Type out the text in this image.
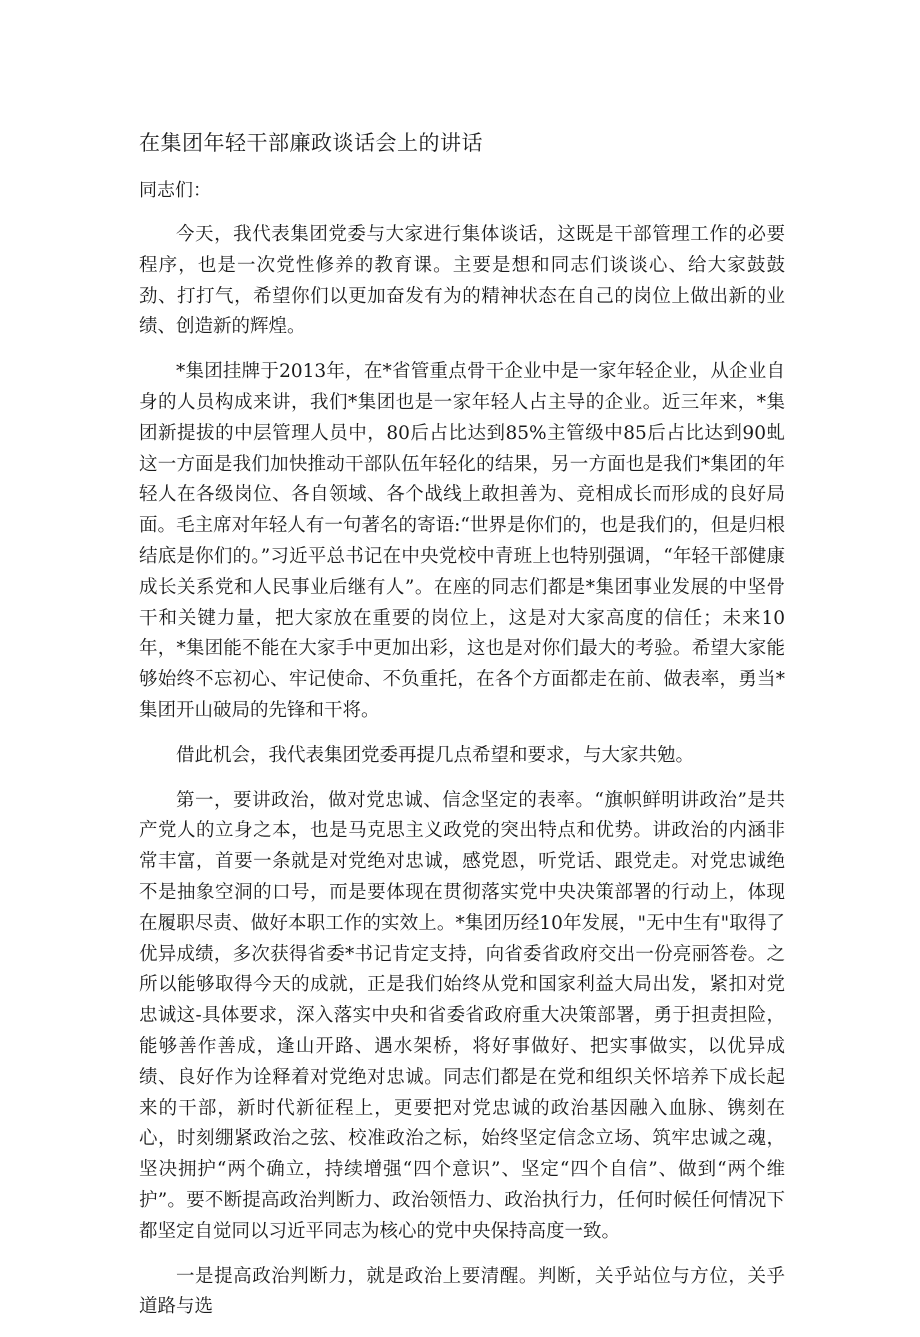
在集团年轻干部廉政谈话会上的讲话

同志们：

今天，我代表集团党委与大家进行集体谈话，这既是干部管理工作的必要程序，也是一次党性修养的教育课。主要是想和同志们谈谈心、给大家鼓鼓劲、打打气，希望你们以更加奋发有为的精神状态在自己的岗位上做出新的业绩、创造新的辉煌。

*集团挂牌于2013年，在*省管重点骨干企业中是一家年轻企业，从企业自身的人员构成来讲，我们*集团也是一家年轻人占主导的企业。近三年来，*集团新提拔的中层管理人员中，80后占比达到85%主管级中85后占比达到90虬这一方面是我们加快推动干部队伍年轻化的结果，另一方面也是我们*集团的年轻人在各级岗位、各自领域、各个战线上敢担善为、竞相成长而形成的良好局面。毛主席对年轻人有一句著名的寄语:“世界是你们的，也是我们的，但是归根结底是你们的。”习近平总书记在中央党校中青班上也特别强调，“年轻干部健康成长关系党和人民事业后继有人”。在座的同志们都是*集团事业发展的中坚骨干和关键力量，把大家放在重要的岗位上，这是对大家高度的信任；未来10年，*集团能不能在大家手中更加出彩，这也是对你们最大的考验。希望大家能够始终不忘初心、牢记使命、不负重托，在各个方面都走在前、做表率，勇当*集团开山破局的先锋和干将。

借此机会，我代表集团党委再提几点希望和要求，与大家共勉。

第一，要讲政治，做对党忠诚、信念坚定的表率。“旗帜鲜明讲政治”是共产党人的立身之本，也是马克思主义政党的突出特点和优势。讲政治的内涵非常丰富，首要一条就是对党绝对忠诚，感党恩，听党话、跟党走。对党忠诚绝不是抽象空洞的口号，而是要体现在贯彻落实党中央决策部署的行动上，体现在履职尽责、做好本职工作的实效上。*集团历经10年发展，"无中生有"取得了优异成绩，多次获得省委*书记肯定支持，向省委省政府交出一份亮丽答卷。之所以能够取得今天的成就，正是我们始终从党和国家利益大局出发，紧扣对党忠诚这-具体要求，深入落实中央和省委省政府重大决策部署，勇于担责担险，能够善作善成，逢山开路、遇水架桥，将好事做好、把实事做实，以优异成绩、良好作为诠释着对党绝对忠诚。同志们都是在党和组织关怀培养下成长起来的干部，新时代新征程上，更要把对党忠诚的政治基因融入血脉、镌刻在心，时刻绷紧政治之弦、校准政治之标，始终坚定信念立场、筑牢忠诚之魂，坚决拥护“两个确立，持续增强“四个意识”、坚定“四个自信”、做到“两个维护”。要不断提高政治判断力、政治领悟力、政治执行力，任何时候任何情况下都坚定自觉同以习近平同志为核心的党中央保持高度一致。

一是提高政治判断力，就是政治上要清醒。判断，关乎站位与方位，关乎道路与选
